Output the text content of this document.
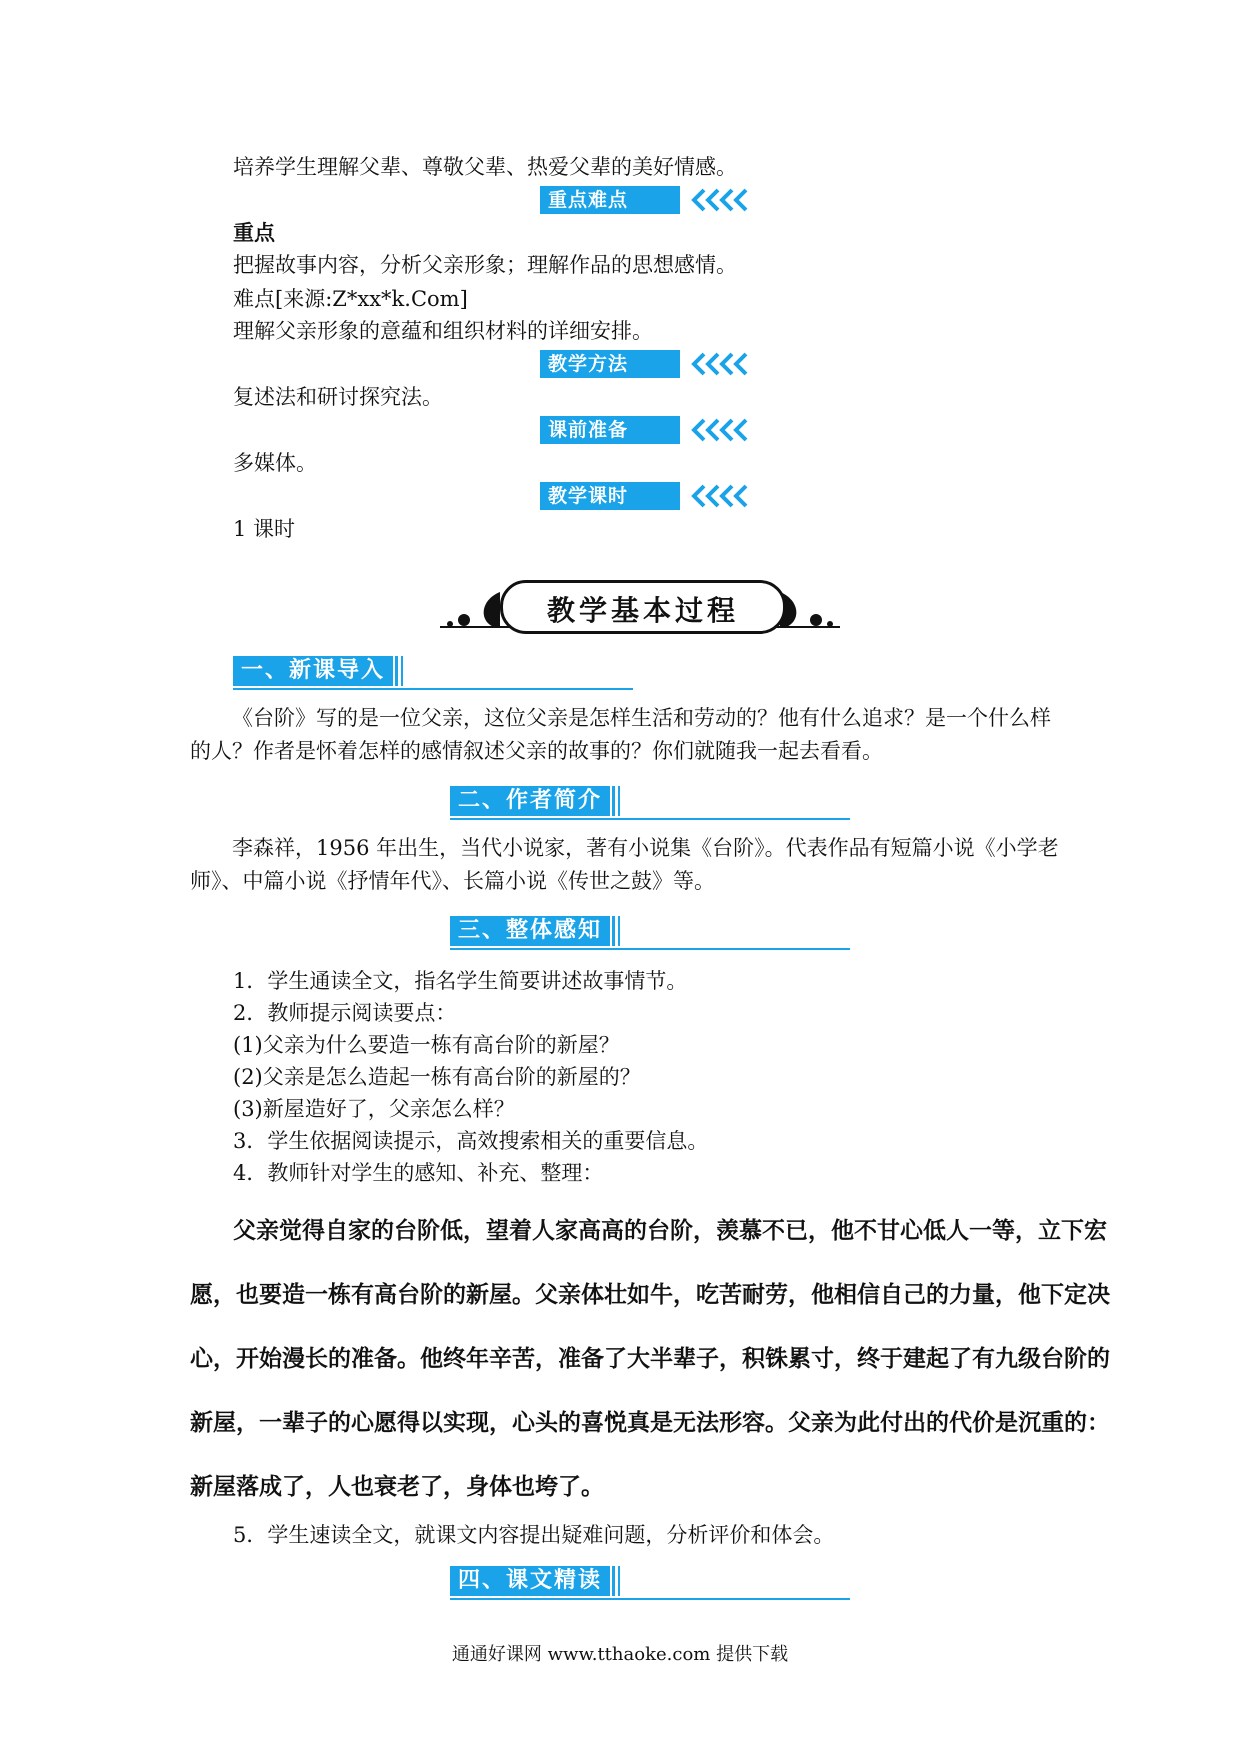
培养学生理解父辈、尊敬父辈、热爱父辈的美好情感。
重点难点
重点
把握故事内容，分析父亲形象；理解作品的思想感情。
难点[来源:Z*xx*k.Com]
理解父亲形象的意蕴和组织材料的详细安排。
教学方法
复述法和研讨探究法。
课前准备
多媒体。
教学课时
1 课时
教学基本过程
一、新课导入
《台阶》写的是一位父亲，这位父亲是怎样生活和劳动的？他有什么追求？是一个什么样的人？作者是怀着怎样的感情叙述父亲的故事的？你们就随我一起去看看。
二、作者简介
李森祥，1956 年出生，当代小说家，著有小说集《台阶》。代表作品有短篇小说《小学老师》、中篇小说《抒情年代》、长篇小说《传世之鼓》等。
三、整体感知
1．学生通读全文，指名学生简要讲述故事情节。
2．教师提示阅读要点：
(1)父亲为什么要造一栋有高台阶的新屋？
(2)父亲是怎么造起一栋有高台阶的新屋的？
(3)新屋造好了，父亲怎么样？
3．学生依据阅读提示，高效搜索相关的重要信息。
4．教师针对学生的感知、补充、整理：
父亲觉得自家的台阶低，望着人家高高的台阶，羡慕不已，他不甘心低人一等，立下宏
愿，也要造一栋有高台阶的新屋。父亲体壮如牛，吃苦耐劳，他相信自己的力量，他下定决
心，开始漫长的准备。他终年辛苦，准备了大半辈子，积铢累寸，终于建起了有九级台阶的
新屋，一辈子的心愿得以实现，心头的喜悦真是无法形容。父亲为此付出的代价是沉重的：
新屋落成了，人也衰老了，身体也垮了。
5．学生速读全文，就课文内容提出疑难问题，分析评价和体会。
四、课文精读
通通好课网 www.tthaoke.com 提供下载
